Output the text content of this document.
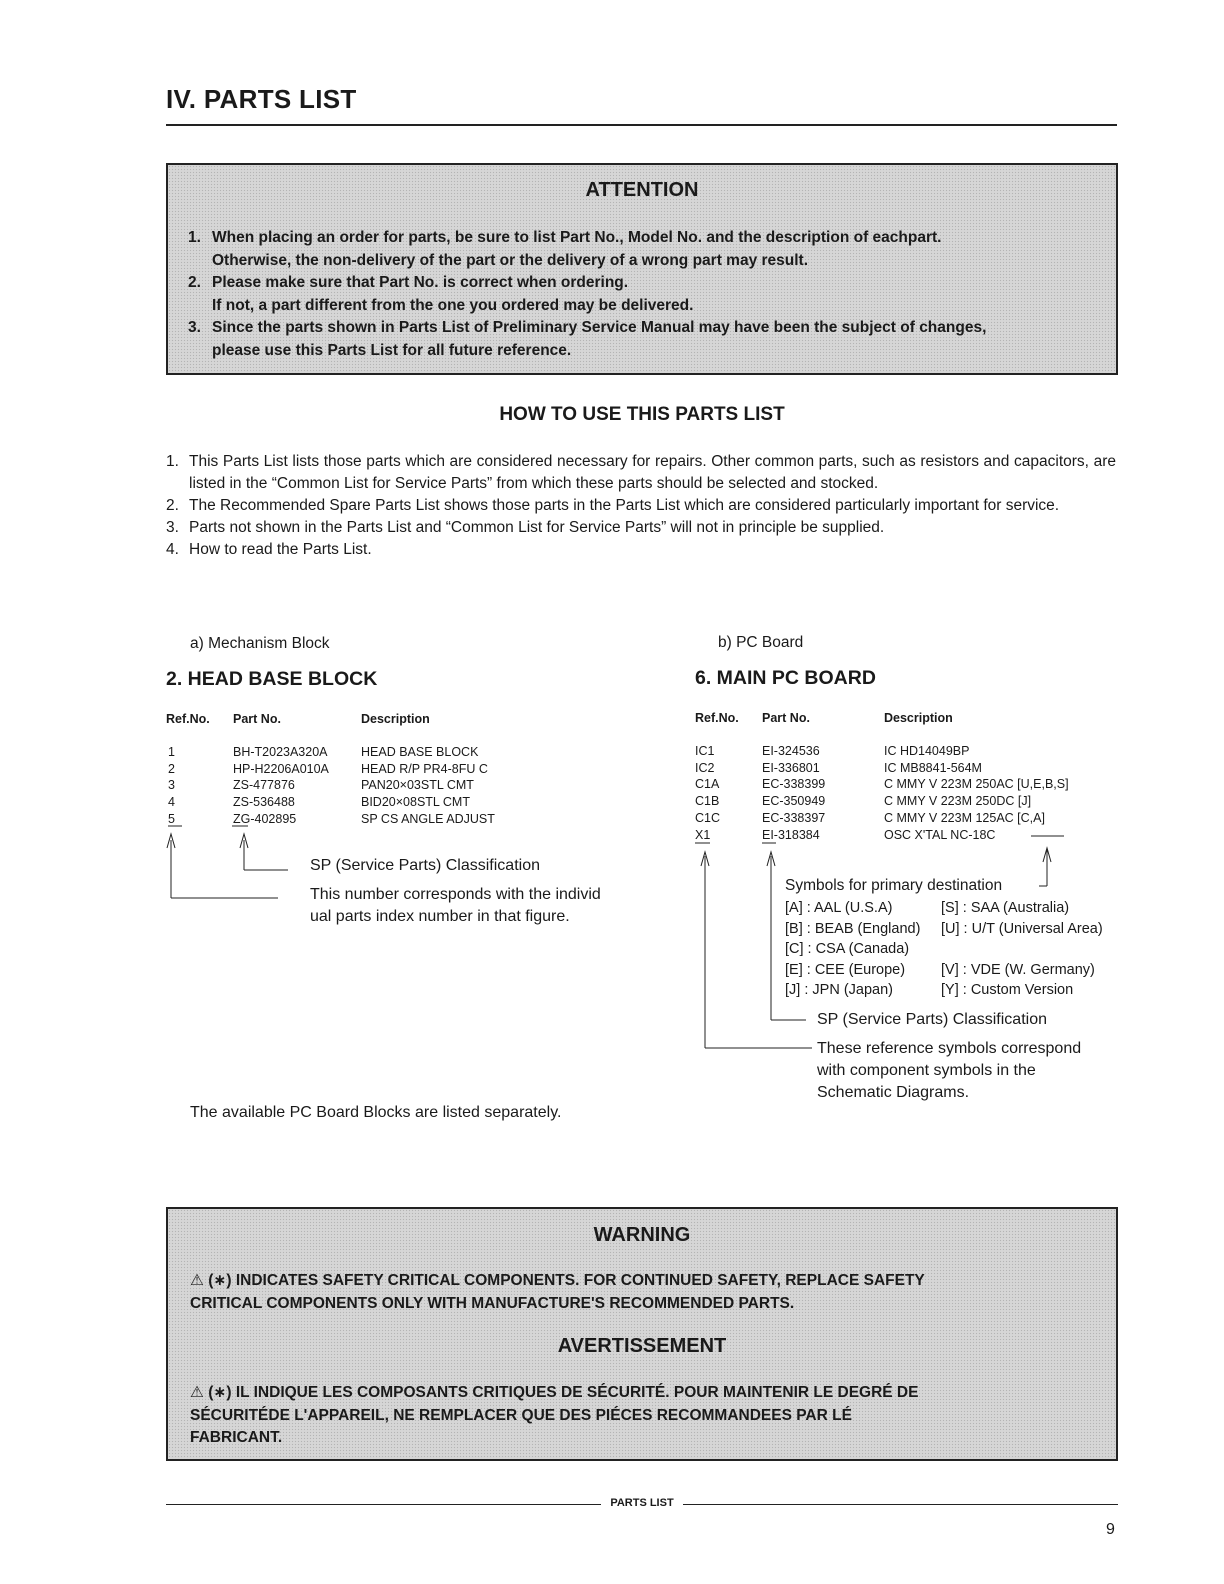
IV. PARTS LIST
ATTENTION
1. When placing an order for parts, be sure to list Part No., Model No. and the description of eachpart.
Otherwise, the non-delivery of the part or the delivery of a wrong part may result.
2. Please make sure that Part No. is correct when ordering.
If not, a part different from the one you ordered may be delivered.
3. Since the parts shown in Parts List of Preliminary Service Manual may have been the subject of changes,
please use this Parts List for all future reference.
HOW TO USE THIS PARTS LIST
1. This Parts List lists those parts which are considered necessary for repairs. Other common parts, such as resistors and capacitors, are listed in the “Common List for Service Parts” from which these parts should be selected and stocked.
2. The Recommended Spare Parts List shows those parts in the Parts List which are considered particularly important for service.
3. Parts not shown in the Parts List and “Common List for Service Parts” will not in principle be supplied.
4. How to read the Parts List.
a) Mechanism Block
2. HEAD BASE BLOCK
Ref.No. Part No.	Description
1
2
3
4
5
BH-T2023A320A
HP-H2206A010A
ZS-477876
ZS-536488
ZG-402895
HEAD BASE BLOCK
HEAD R/P PR4-8FU C
PAN20×03STL CMT
BID20×08STL CMT
SP CS ANGLE ADJUST
SP (Service Parts) Classification
This number corresponds with the individ
ual parts index number in that figure.
The available PC Board Blocks are listed separately.
b) PC Board
6. MAIN PC BOARD
Ref.No. Part No.	Description
IC1
IC2
C1A
C1B
C1C
X1
EI-324536
EI-336801
EC-338399
EC-350949
EC-338397
EI-318384
IC HD14049BP
IC MB8841-564M
C MMY V 223M 250AC [U,E,B,S]
C MMY V 223M 250DC [J]
C MMY V 223M 125AC [C,A]
OSC X'TAL NC-18C
Symbols for primary destination
[A] : AAL (U.S.A)
[B] : BEAB (England)
[C] : CSA (Canada)
[E] : CEE (Europe)
[J] : JPN (Japan)
[S] : SAA (Australia)
[U] : U/T (Universal Area)
[V] : VDE (W. Germany)
[Y] : Custom Version
SP (Service Parts) Classification
These reference symbols correspond
with component symbols in the
Schematic Diagrams.
WARNING
⚠ (∗) INDICATES SAFETY CRITICAL COMPONENTS. FOR CONTINUED SAFETY, REPLACE SAFETY
CRITICAL COMPONENTS ONLY WITH MANUFACTURE'S RECOMMENDED PARTS.
AVERTISSEMENT
⚠ (∗) IL INDIQUE LES COMPOSANTS CRITIQUES DE SÉCURITÉ. POUR MAINTENIR LE DEGRÉ DE
SÉCURITÉDE L'APPAREIL, NE REMPLACER QUE DES PIÉCES RECOMMANDEES PAR LÉ
FABRICANT.
PARTS LIST
9
